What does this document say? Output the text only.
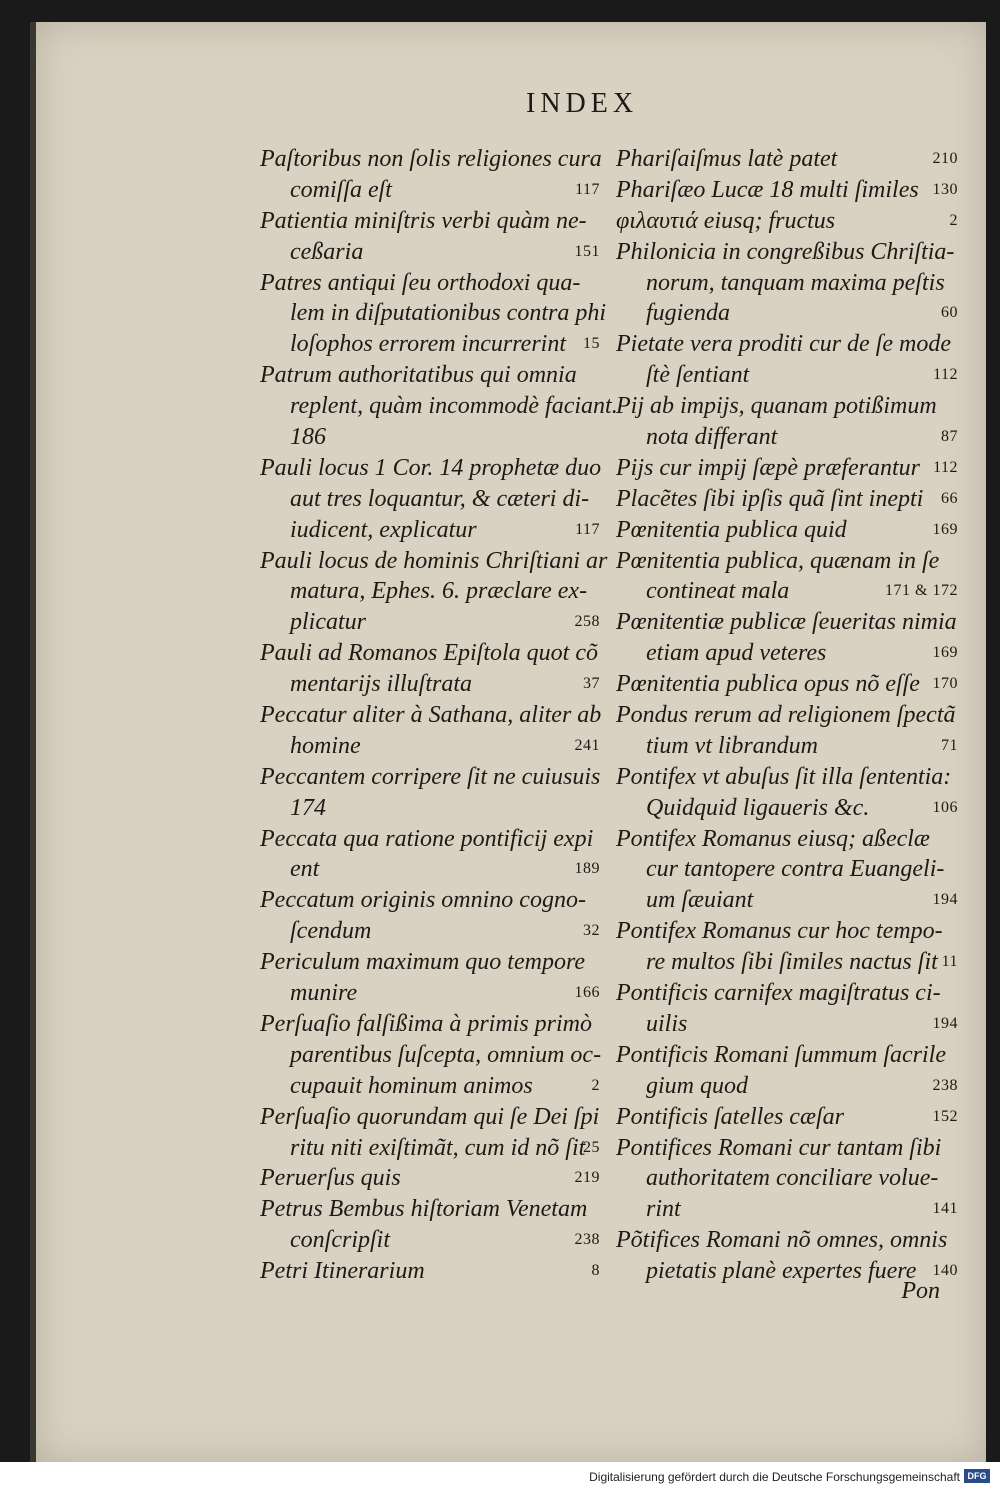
INDEX
Paſtoribus non ſolis religiones cura
comiſſa eſt	117
Patientia miniſtris verbi quàm ne-
ceßaria	151
Patres antiqui ſeu orthodoxi qua-
lem in diſputationibus contra phi
loſophos errorem incurrerint 15
Patrum authoritatibus qui omnia
replent, quàm incommodè faciant.
186
Pauli locus 1 Cor. 14 prophetæ duo
aut tres loquantur, & cæteri di-
iudicent, explicatur	117
Pauli locus de hominis Chriſtiani ar
matura, Ephes. 6. præclare ex-
plicatur	258
Pauli ad Romanos Epiſtola quot cõ
mentarijs illuſtrata	37
Peccatur aliter à Sathana, aliter ab
homine	241
Peccantem corripere ſit ne cuiusuis
174
Peccata qua ratione pontificij expi
ent	189
Peccatum originis omnino cogno-
ſcendum	32
Periculum maximum quo tempore
munire	166
Perſuaſio falſißima à primis primò
parentibus ſuſcepta, omnium oc-
cupauit hominum animos	2
Perſuaſio quorundam qui ſe Dei ſpi
ritu niti exiſtimãt, cum id nõ ſit
25
Peruerſus quis	219
Petrus Bembus hiſtoriam Venetam
conſcripſit	238
Petri Itinerarium	8
Phariſaiſmus latè patet	210
Phariſæo Lucæ 18 multi ſimiles 130
φιλαυτιά eiusq; fructus	2
Philonicia in congreßibus Chriſtia-
norum, tanquam maxima peſtis
fugienda	60
Pietate vera proditi cur de ſe mode
ſtè ſentiant	112
Pij ab impijs, quanam potißimum
nota differant	87
Pijs cur impij ſæpè præferantur 112
Placẽtes ſibi ipſis quã ſint inepti 66
Pœnitentia publica quid	169
Pœnitentia publica, quænam in ſe
contineat mala	171 & 172
Pœnitentiæ publicæ ſeueritas nimia
etiam apud veteres	169
Pœnitentia publica opus nõ eſſe 170
Pondus rerum ad religionem ſpectã
tium vt librandum	71
Pontifex vt abuſus ſit illa ſententia:
Quidquid ligaueris &c.	106
Pontifex Romanus eiusq; aßeclæ
cur tantopere contra Euangeli-
um ſæuiant	194
Pontifex Romanus cur hoc tempo-
re multos ſibi ſimiles nactus ſit 11
Pontificis carnifex magiſtratus ci-
uilis	194
Pontificis Romani ſummum ſacrile
gium quod	238
Pontificis ſatelles cæſar	152
Pontifices Romani cur tantam ſibi
authoritatem conciliare volue-
rint	141
Põtifices Romani nõ omnes, omnis
pietatis planè expertes fuere 140
Pon
Digitalisierung gefördert durch die Deutsche Forschungsgemeinschaft DFG
